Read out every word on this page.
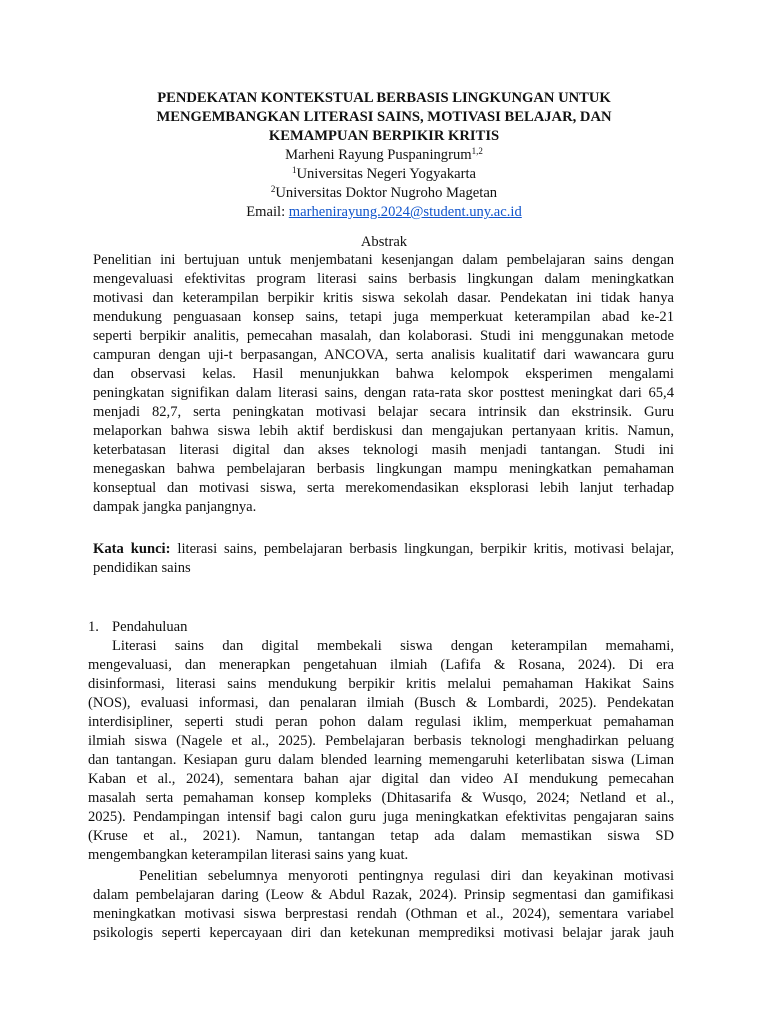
PENDEKATAN KONTEKSTUAL BERBASIS LINGKUNGAN UNTUK
MENGEMBANGKAN LITERASI SAINS, MOTIVASI BELAJAR, DAN
KEMAMPUAN BERPIKIR KRITIS
Marheni Rayung Puspaningrum$^{1,2}$
$^1$Universitas Negeri Yogyakarta
$^2$Universitas Doktor Nugroho Magetan
Email: marhenirayung.2024@student.uny.ac.id
Abstrak
Penelitian ini bertujuan untuk menjembatani kesenjangan dalam pembelajaran sains dengan
mengevaluasi efektivitas program literasi sains berbasis lingkungan dalam meningkatkan
motivasi dan keterampilan berpikir kritis siswa sekolah dasar. Pendekatan ini tidak hanya
mendukung penguasaan konsep sains, tetapi juga memperkuat keterampilan abad ke-21
seperti berpikir analitis, pemecahan masalah, dan kolaborasi. Studi ini menggunakan metode
campuran dengan uji-t berpasangan, ANCOVA, serta analisis kualitatif dari wawancara guru
dan observasi kelas. Hasil menunjukkan bahwa kelompok eksperimen mengalami
peningkatan signifikan dalam literasi sains, dengan rata-rata skor posttest meningkat dari 65,4
menjadi 82,7, serta peningkatan motivasi belajar secara intrinsik dan ekstrinsik. Guru
melaporkan bahwa siswa lebih aktif berdiskusi dan mengajukan pertanyaan kritis. Namun,
keterbatasan literasi digital dan akses teknologi masih menjadi tantangan. Studi ini
menegaskan bahwa pembelajaran berbasis lingkungan mampu meningkatkan pemahaman
konseptual dan motivasi siswa, serta merekomendasikan eksplorasi lebih lanjut terhadap
dampak jangka panjangnya.
Kata kunci: literasi sains, pembelajaran berbasis lingkungan, berpikir kritis, motivasi belajar,
pendidikan sains
1. Pendahuluan
Literasi sains dan digital membekali siswa dengan keterampilan memahami,
mengevaluasi, dan menerapkan pengetahuan ilmiah (Lafifa & Rosana, 2024). Di era
disinformasi, literasi sains mendukung berpikir kritis melalui pemahaman Hakikat Sains
(NOS), evaluasi informasi, dan penalaran ilmiah (Busch & Lombardi, 2025). Pendekatan
interdisipliner, seperti studi peran pohon dalam regulasi iklim, memperkuat pemahaman
ilmiah siswa (Nagele et al., 2025). Pembelajaran berbasis teknologi menghadirkan peluang
dan tantangan. Kesiapan guru dalam blended learning memengaruhi keterlibatan siswa (Liman
Kaban et al., 2024), sementara bahan ajar digital dan video AI mendukung pemecahan
masalah serta pemahaman konsep kompleks (Dhitasarifa & Wusqo, 2024; Netland et al.,
2025). Pendampingan intensif bagi calon guru juga meningkatkan efektivitas pengajaran sains
(Kruse et al., 2021). Namun, tantangan tetap ada dalam memastikan siswa SD
mengembangkan keterampilan literasi sains yang kuat.
Penelitian sebelumnya menyoroti pentingnya regulasi diri dan keyakinan motivasi
dalam pembelajaran daring (Leow & Abdul Razak, 2024). Prinsip segmentasi dan gamifikasi
meningkatkan motivasi siswa berprestasi rendah (Othman et al., 2024), sementara variabel
psikologis seperti kepercayaan diri dan ketekunan memprediksi motivasi belajar jarak jauh
